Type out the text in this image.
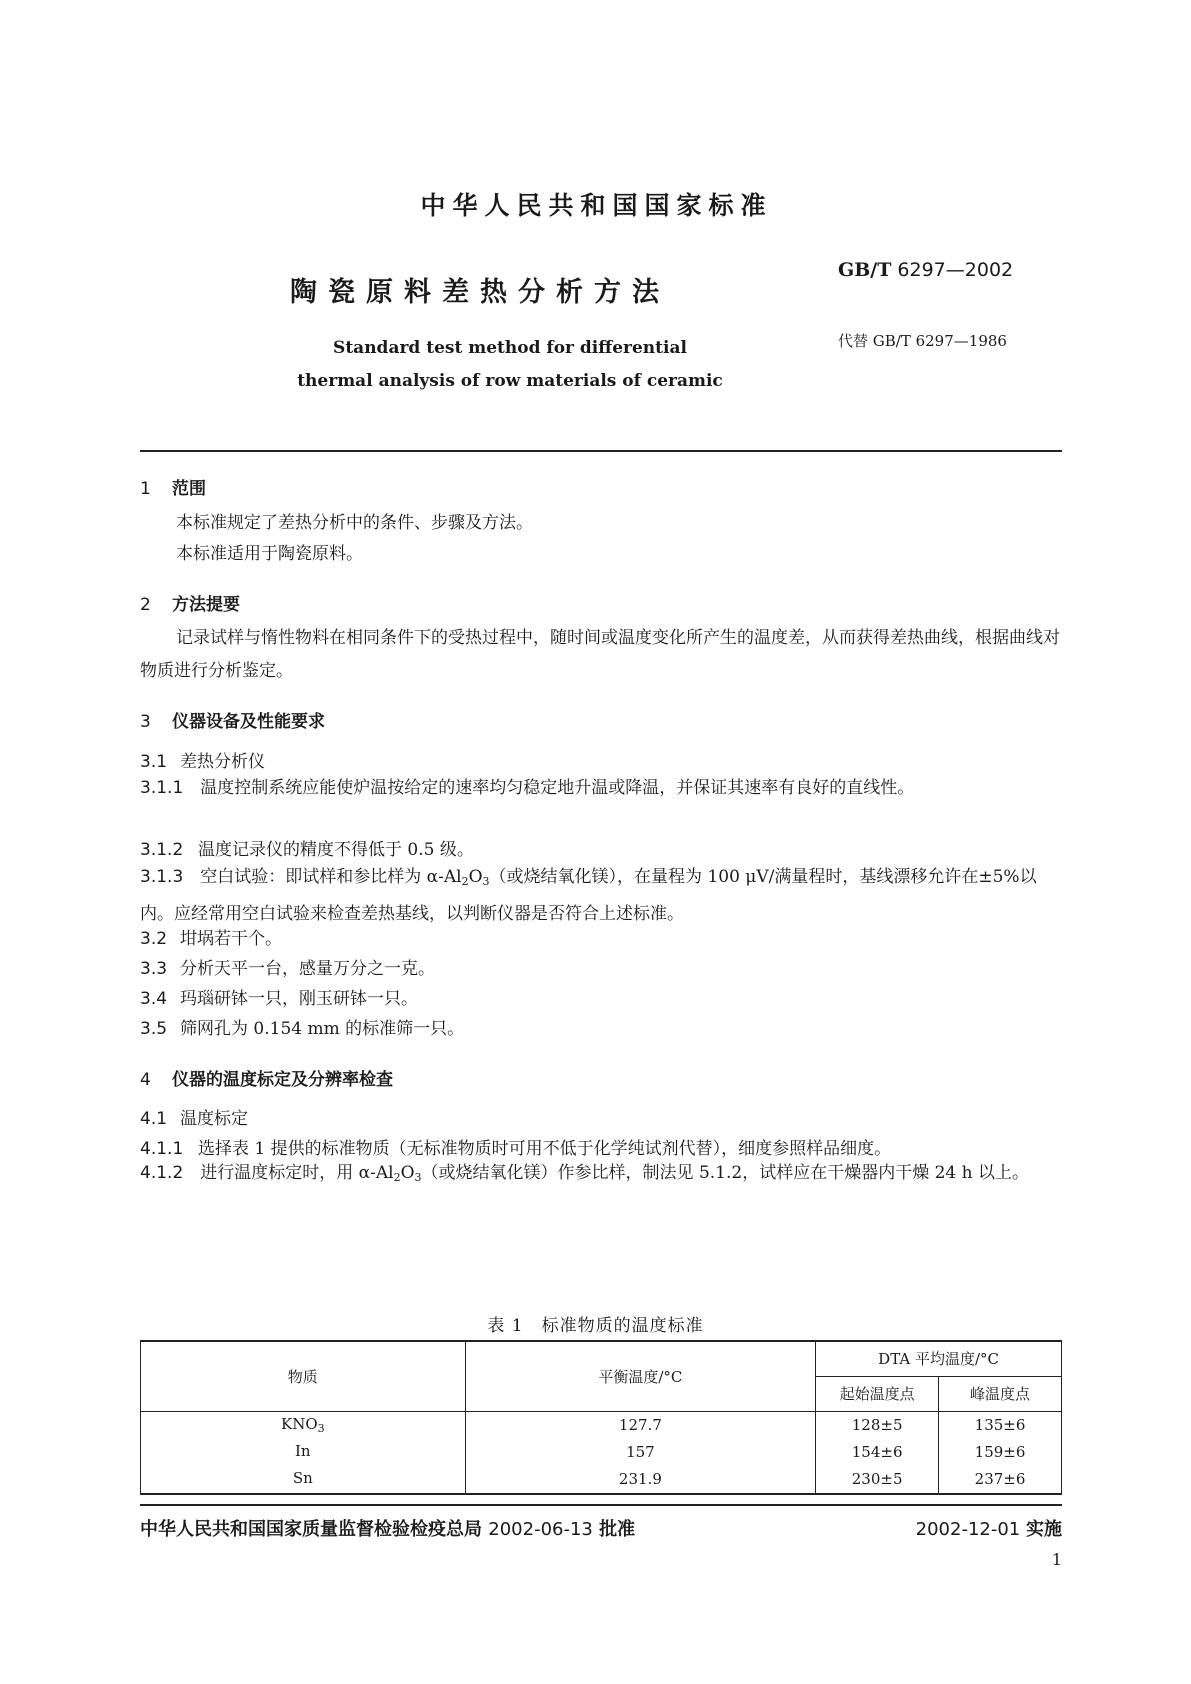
中华人民共和国国家标准
陶瓷原料差热分析方法
GB/T 6297—2002
代替 GB/T 6297—1986
Standard test method for differential
thermal analysis of row materials of ceramic
1 范围
本标准规定了差热分析中的条件、步骤及方法。
本标准适用于陶瓷原料。
2 方法提要
记录试样与惰性物料在相同条件下的受热过程中，随时间或温度变化所产生的温度差，从而获得差热曲线，根据曲线对物质进行分析鉴定。
3 仪器设备及性能要求
3.1 差热分析仪
3.1.1　 温度控制系统应能使炉温按给定的速率均匀稳定地升温或降温，并保证其速率有良好的直线性。
3.1.2 温度记录仪的精度不得低于 0.5 级。
3.1.3　 空白试验：即试样和参比样为 $\alpha-Al_2O_3$（或烧结氧化镁），在量程为 100 μV/满量程时，基线漂移允许在±5%以内。应经常用空白试验来检查差热基线，以判断仪器是否符合上述标准。
3.2 坩埚若干个。
3.3 分析天平一台，感量万分之一克。
3.4 玛瑙研钵一只，刚玉研钵一只。
3.5 筛网孔为 0.154 mm 的标准筛一只。
4 仪器的温度标定及分辨率检查
4.1 温度标定
4.1.1 选择表 1 提供的标准物质（无标准物质时可用不低于化学纯试剂代替），细度参照样品细度。
4.1.2　 进行温度标定时，用 $\alpha-Al_2O_3$（或烧结氧化镁）作参比样，制法见 5.1.2，试样应在干燥器内干燥 24 h 以上。
表 1　标准物质的温度标准
物质	平衡温度/°C	DTA 平均温度/°C	
		起始温度点	峰温度点
$KNO_3$	127.7	128±5	135±6
In	157	154±6	159±6
Sn	231.9	230±5	237±6
中华人民共和国国家质量监督检验检疫总局 2002-06-13 批准	2002-12-01 实施
1
